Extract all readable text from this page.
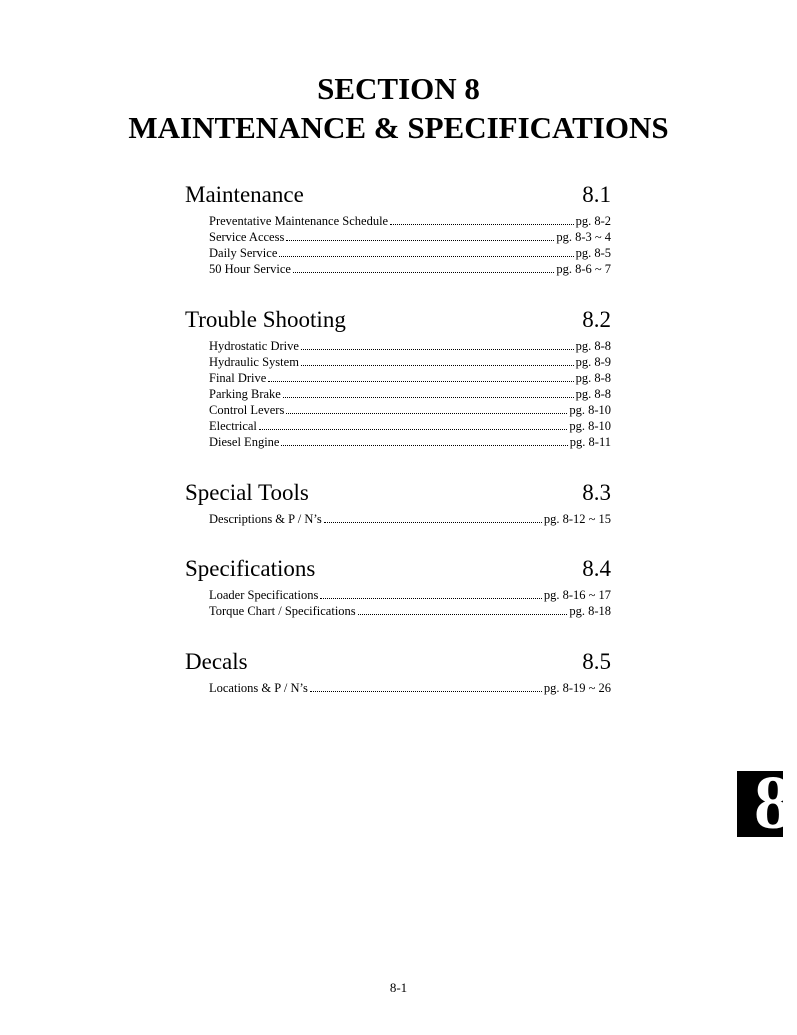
SECTION 8
MAINTENANCE & SPECIFICATIONS
Maintenance	8.1
Preventative Maintenance Schedule	pg. 8-2
Service Access	pg. 8-3 ~ 4
Daily Service	pg. 8-5
50 Hour Service	pg. 8-6 ~ 7
Trouble Shooting	8.2
Hydrostatic Drive	pg. 8-8
Hydraulic System	pg. 8-9
Final Drive	pg. 8-8
Parking Brake	pg. 8-8
Control Levers	pg. 8-10
Electrical	pg. 8-10
Diesel Engine	pg. 8-11
Special Tools	8.3
Descriptions & P / N’s	pg. 8-12 ~ 15
Specifications	8.4
Loader Specifications	pg. 8-16 ~ 17
Torque Chart / Specifications	pg. 8-18
Decals	8.5
Locations & P / N’s	pg. 8-19 ~ 26
8
8-1
